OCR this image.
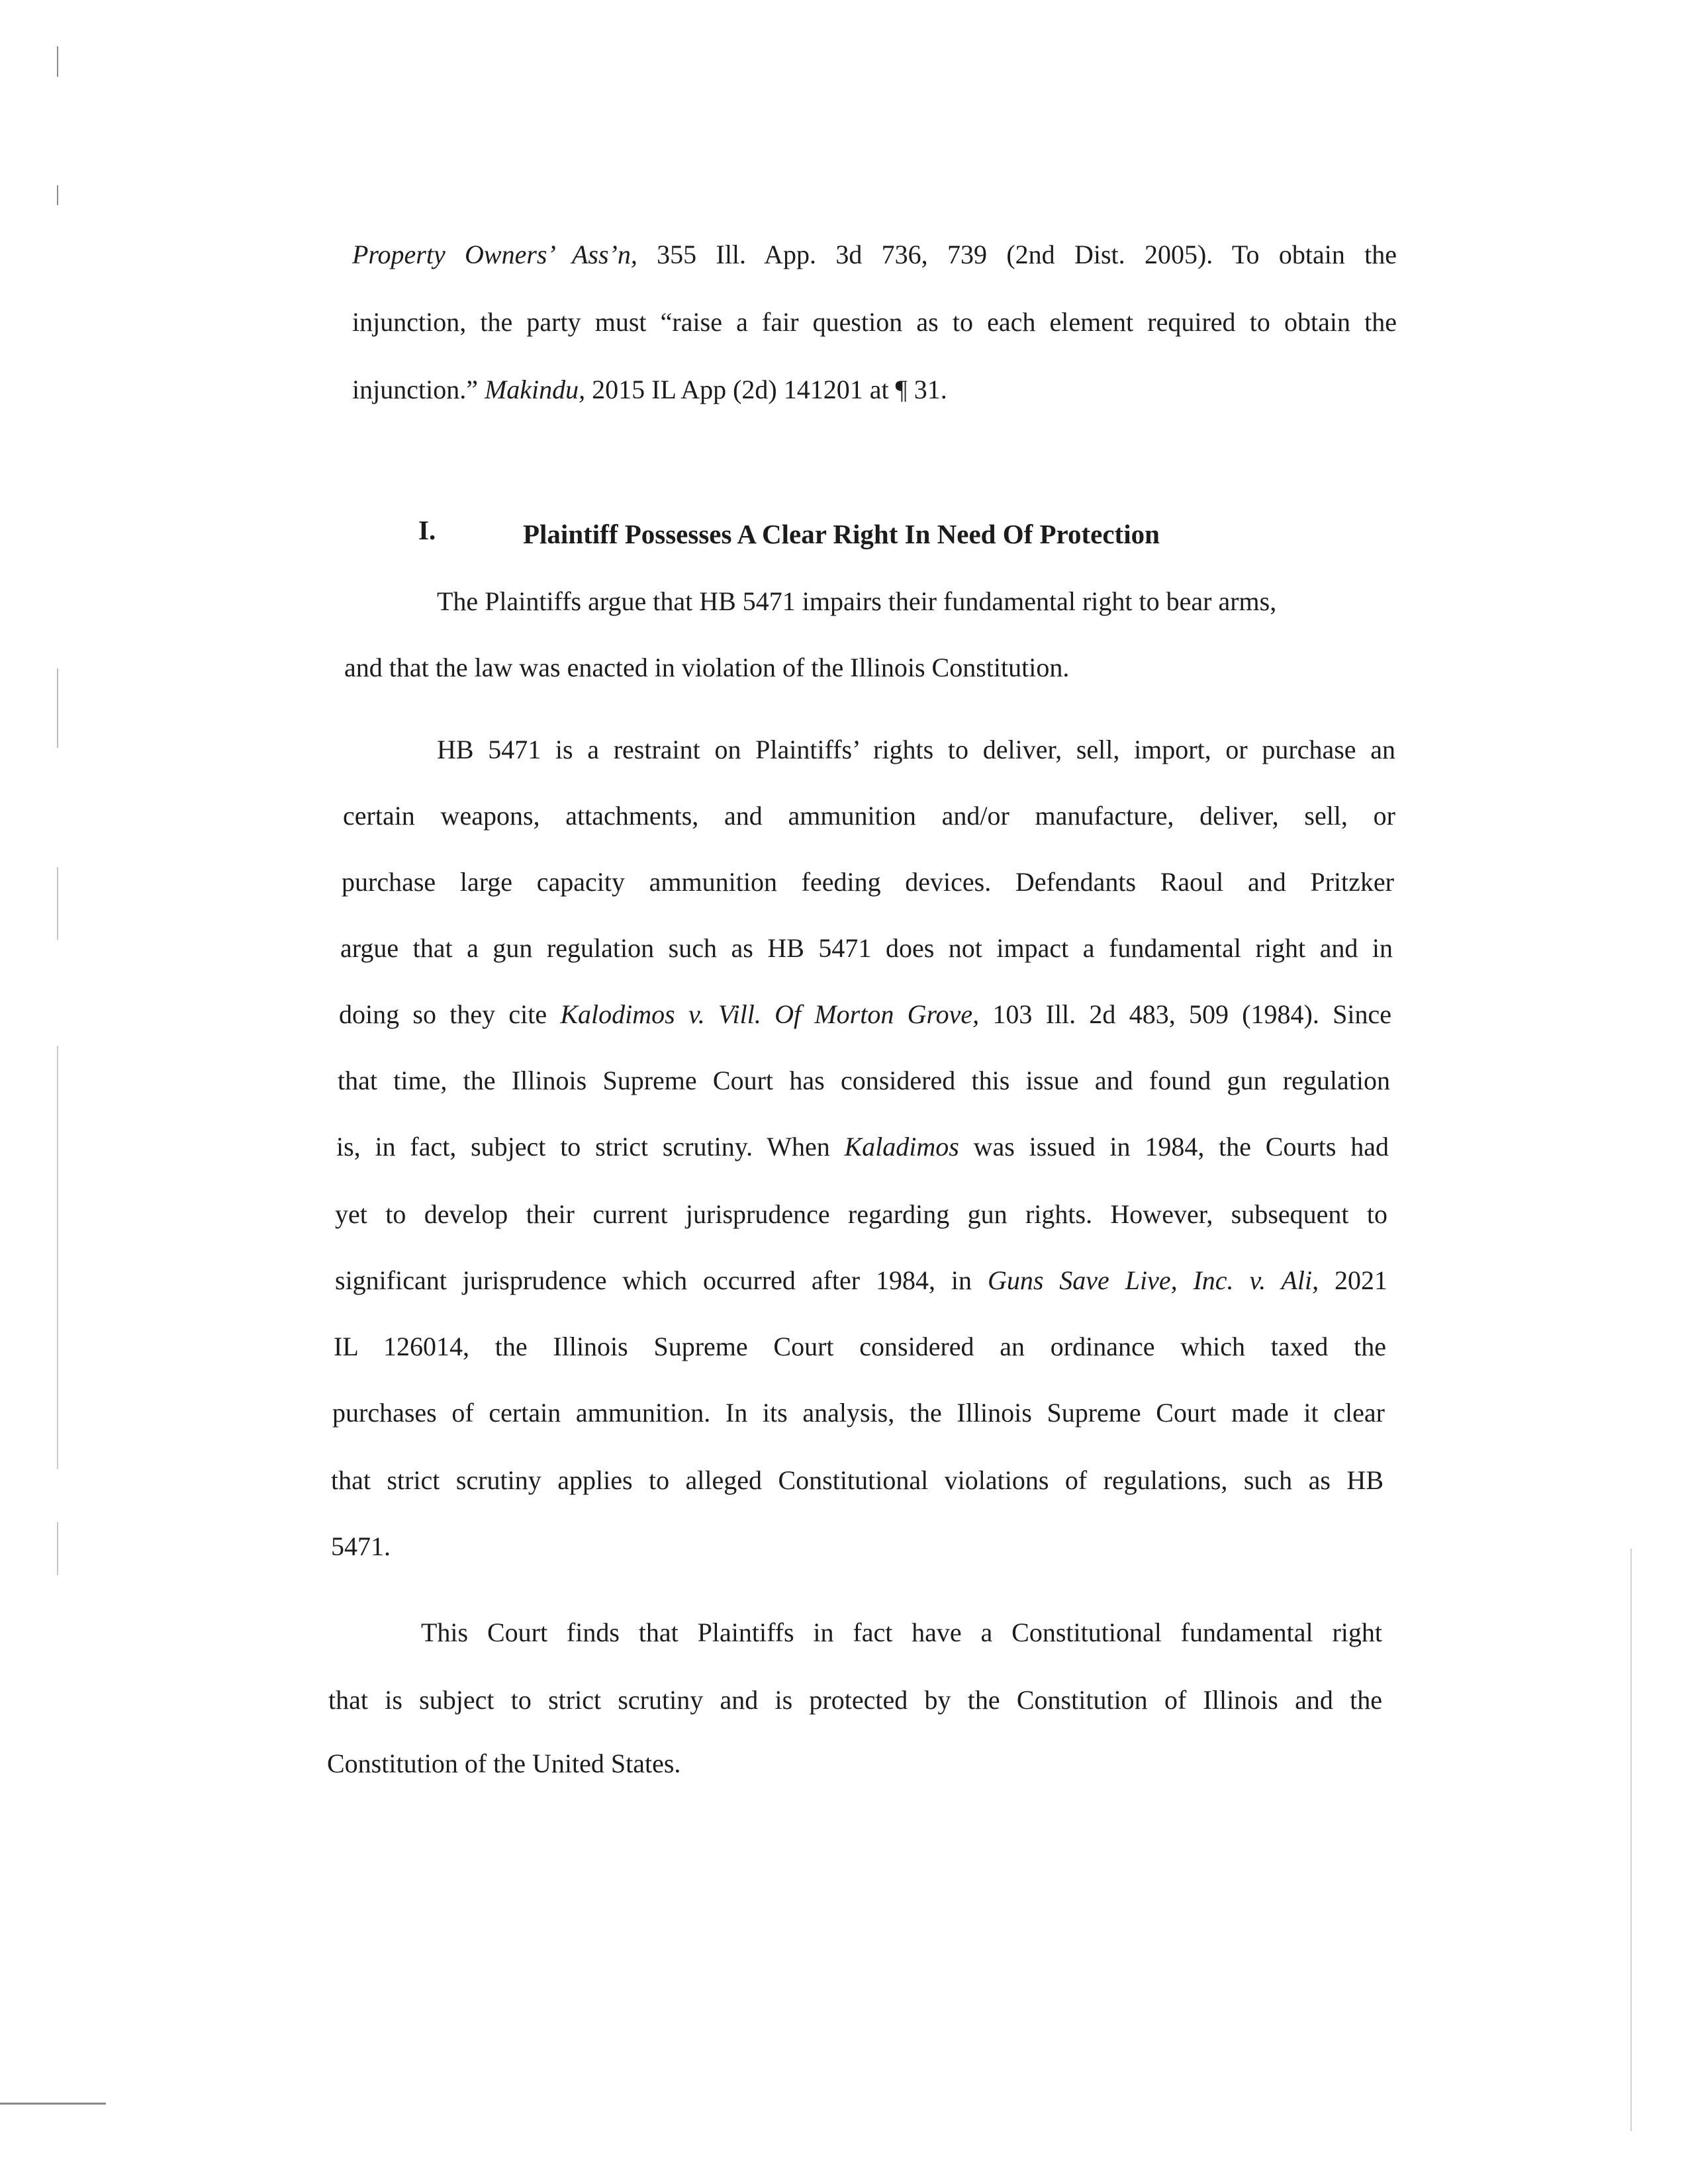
Property Owners’ Ass’n, 355 Ill. App. 3d 736, 739 (2nd Dist. 2005). To obtain the
injunction, the party must “raise a fair question as to each element required to obtain the
injunction.” Makindu, 2015 IL App (2d) 141201 at ¶ 31.
I.	Plaintiff Possesses A Clear Right In Need Of Protection
The Plaintiffs argue that HB 5471 impairs their fundamental right to bear arms,
and that the law was enacted in violation of the Illinois Constitution.
HB 5471 is a restraint on Plaintiffs’ rights to deliver, sell, import, or purchase an
certain weapons, attachments, and ammunition and/or manufacture, deliver, sell, or
purchase large capacity ammunition feeding devices. Defendants Raoul and Pritzker
argue that a gun regulation such as HB 5471 does not impact a fundamental right and in
doing so they cite Kalodimos v. Vill. Of Morton Grove, 103 Ill. 2d 483, 509 (1984). Since
that time, the Illinois Supreme Court has considered this issue and found gun regulation
is, in fact, subject to strict scrutiny. When Kaladimos was issued in 1984, the Courts had
yet to develop their current jurisprudence regarding gun rights. However, subsequent to
significant jurisprudence which occurred after 1984, in Guns Save Live, Inc. v. Ali, 2021
IL 126014, the Illinois Supreme Court considered an ordinance which taxed the
purchases of certain ammunition. In its analysis, the Illinois Supreme Court made it clear
that strict scrutiny applies to alleged Constitutional violations of regulations, such as HB
5471.
This Court finds that Plaintiffs in fact have a Constitutional fundamental right
that is subject to strict scrutiny and is protected by the Constitution of Illinois and the
Constitution of the United States.
